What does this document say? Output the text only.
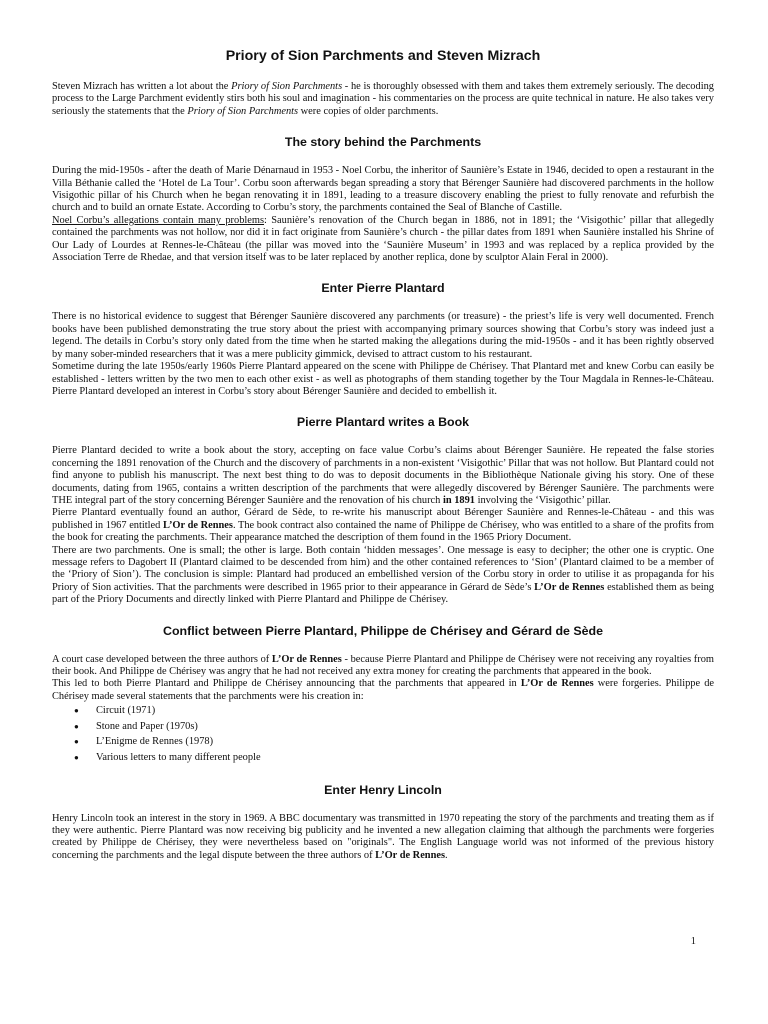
Priory of Sion Parchments and Steven Mizrach

Steven Mizrach has written a lot about the Priory of Sion Parchments - he is thoroughly obsessed with them and takes them extremely seriously. The decoding process to the Large Parchment evidently stirs both his soul and imagination - his commentaries on the process are quite technical in nature. He also takes very seriously the statements that the Priory of Sion Parchments were copies of older parchments.

The story behind the Parchments

During the mid-1950s - after the death of Marie Dénarnaud in 1953 - Noel Corbu, the inheritor of Saunière’s Estate in 1946, decided to open a restaurant in the Villa Béthanie called the ‘Hotel de La Tour’. Corbu soon afterwards began spreading a story that Bérenger Saunière had discovered parchments in the hollow Visigothic pillar of his Church when he began renovating it in 1891, leading to a treasure discovery enabling the priest to fully renovate and refurbish the church and to build an ornate Estate. According to Corbu’s story, the parchments contained the Seal of Blanche of Castille.

Noel Corbu’s allegations contain many problems: Saunière’s renovation of the Church began in 1886, not in 1891; the ‘Visigothic’ pillar that allegedly contained the parchments was not hollow, nor did it in fact originate from Saunière’s church - the pillar dates from 1891 when Saunière installed his Shrine of Our Lady of Lourdes at Rennes-le-Château (the pillar was moved into the ‘Saunière Museum’ in 1993 and was replaced by a replica provided by the Association Terre de Rhedae, and that version itself was to be later replaced by another replica, done by sculptor Alain Feral in 2000).

Enter Pierre Plantard

There is no historical evidence to suggest that Bérenger Saunière discovered any parchments (or treasure) - the priest’s life is very well documented. French books have been published demonstrating the true story about the priest with accompanying primary sources showing that Corbu’s story was indeed just a legend. The details in Corbu’s story only dated from the time when he started making the allegations during the mid-1950s - and it has been rightly observed by many sober-minded researchers that it was a mere publicity gimmick, devised to attract custom to his restaurant.

Sometime during the late 1950s/early 1960s Pierre Plantard appeared on the scene with Philippe de Chérisey. That Plantard met and knew Corbu can easily be established - letters written by the two men to each other exist - as well as photographs of them standing together by the Tour Magdala in Rennes-le-Château. Pierre Plantard developed an interest in Corbu’s story about Bérenger Saunière and decided to embellish it.

Pierre Plantard writes a Book

Pierre Plantard decided to write a book about the story, accepting on face value Corbu’s claims about Bérenger Saunière. He repeated the false stories concerning the 1891 renovation of the Church and the discovery of parchments in a non-existent ‘Visigothic’ Pillar that was not hollow. But Plantard could not find anyone to publish his manuscript. The next best thing to do was to deposit documents in the Bibliothèque Nationale giving his story. One of these documents, dating from 1965, contains a written description of the parchments that were allegedly discovered by Bérenger Saunière. The parchments were THE integral part of the story concerning Bérenger Saunière and the renovation of his church in 1891 involving the ‘Visigothic’ pillar.

Pierre Plantard eventually found an author, Gérard de Sède, to re-write his manuscript about Bérenger Saunière and Rennes-le-Château - and this was published in 1967 entitled L’Or de Rennes. The book contract also contained the name of Philippe de Chérisey, who was entitled to a share of the profits from the book for creating the parchments. Their appearance matched the description of them found in the 1965 Priory Document.

There are two parchments. One is small; the other is large. Both contain ‘hidden messages’. One message is easy to decipher; the other one is cryptic. One message refers to Dagobert II (Plantard claimed to be descended from him) and the other contained references to ‘Sion’ (Plantard claimed to be a member of the ‘Priory of Sion’). The conclusion is simple: Plantard had produced an embellished version of the Corbu story in order to utilise it as propaganda for his Priory of Sion activities. That the parchments were described in 1965 prior to their appearance in Gérard de Sède’s L’Or de Rennes established them as being part of the Priory Documents and directly linked with Pierre Plantard and Philippe de Chérisey.

Conflict between Pierre Plantard, Philippe de Chérisey and Gérard de Sède

A court case developed between the three authors of L’Or de Rennes - because Pierre Plantard and Philippe de Chérisey were not receiving any royalties from their book. And Philippe de Chérisey was angry that he had not received any extra money for creating the parchments that appeared in the book.

This led to both Pierre Plantard and Philippe de Chérisey announcing that the parchments that appeared in L’Or de Rennes were forgeries. Philippe de Chérisey made several statements that the parchments were his creation in:

● Circuit (1971)
● Stone and Paper (1970s)
● L’Enigme de Rennes (1978)
● Various letters to many different people
Enter Henry Lincoln

Henry Lincoln took an interest in the story in 1969. A BBC documentary was transmitted in 1970 repeating the story of the parchments and treating them as if they were authentic. Pierre Plantard was now receiving big publicity and he invented a new allegation claiming that although the parchments were forgeries created by Philippe de Chérisey, they were nevertheless based on "originals". The English Language world was not informed of the previous history concerning the parchments and the legal dispute between the three authors of L’Or de Rennes.

1
